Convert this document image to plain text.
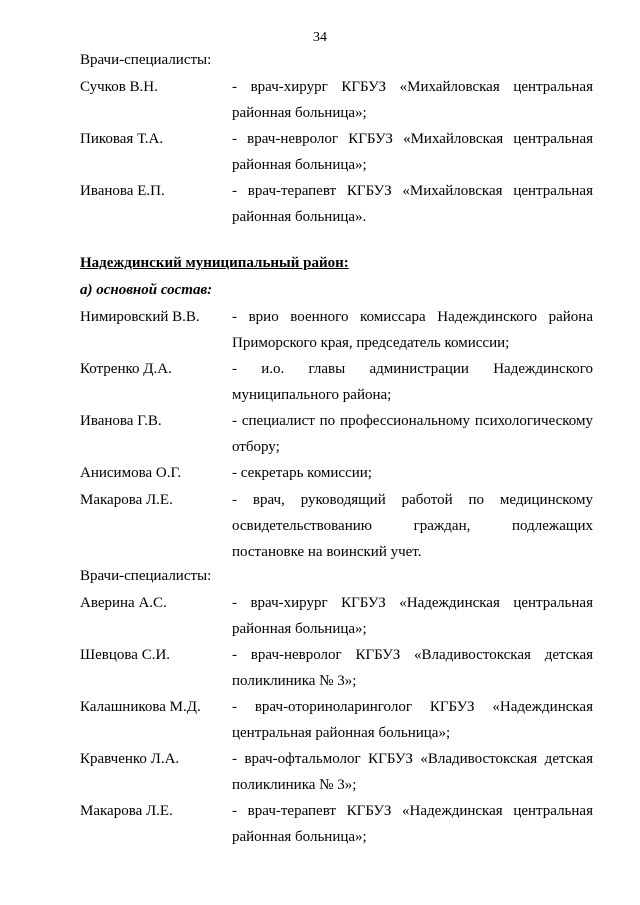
34
Врачи-специалисты:
Сучков В.Н.	- врач-хирург КГБУЗ «Михайловская центральная районная больница»;
Пиковая Т.А.	- врач-невролог КГБУЗ «Михайловская центральная районная больница»;
Иванова Е.П.	- врач-терапевт КГБУЗ «Михайловская центральная районная больница».
Надеждинский муниципальный район:
а) основной состав:
Нимировский В.В. - врио военного комиссара Надеждинского района Приморского края, председатель комиссии;
Котренко Д.А.	- и.о. главы администрации Надеждинского муниципального района;
Иванова Г.В.	- специалист по профессиональному психологическому отбору;
Анисимова О.Г.	- секретарь комиссии;
Макарова Л.Е.	- врач, руководящий работой по медицинскому освидетельствованию граждан, подлежащих постановке на воинский учет.
Врачи-специалисты:
Аверина А.С.	- врач-хирург КГБУЗ «Надеждинская центральная районная больница»;
Шевцова С.И.	- врач-невролог КГБУЗ «Владивостокская детская поликлиника № 3»;
Калашникова М.Д. - врач-оториноларинголог КГБУЗ «Надеждинская центральная районная больница»;
Кравченко Л.А.	- врач-офтальмолог КГБУЗ «Владивостокская детская поликлиника № 3»;
Макарова Л.Е.	- врач-терапевт КГБУЗ «Надеждинская центральная районная больница»;
